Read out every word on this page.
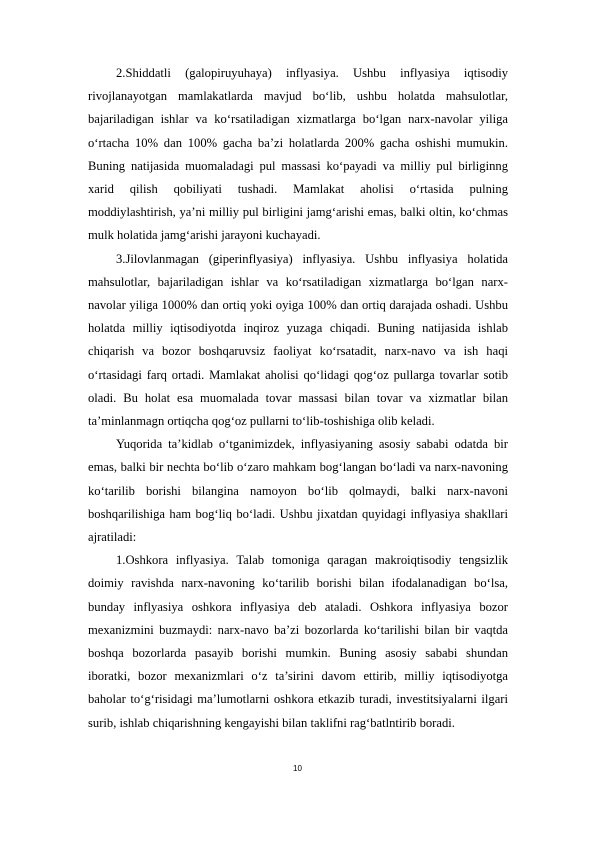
2.Shiddatli (galopiruyuhaya) inflyasiya. Ushbu inflyasiya iqtisodiy rivojlanayotgan mamlakatlarda mavjud bo‘lib, ushbu holatda mahsulotlar, bajariladigan ishlar va ko‘rsatiladigan xizmatlarga bo‘lgan narx-navolar yiliga o‘rtacha 10% dan 100% gacha ba’zi holatlarda 200% gacha oshishi mumukin. Buning natijasida muomaladagi pul massasi ko‘payadi va milliy pul birliginng xarid qilish qobiliyati tushadi. Mamlakat aholisi o‘rtasida pulning moddiylashtirish, ya’ni milliy pul birligini jamg‘arishi emas, balki oltin, ko‘chmas mulk holatida jamg‘arishi jarayoni kuchayadi.

3.Jilovlanmagan (giperinflyasiya) inflyasiya. Ushbu inflyasiya holatida mahsulotlar, bajariladigan ishlar va ko‘rsatiladigan xizmatlarga bo‘lgan narx-navolar yiliga 1000% dan ortiq yoki oyiga 100% dan ortiq darajada oshadi. Ushbu holatda milliy iqtisodiyotda inqiroz yuzaga chiqadi. Buning natijasida ishlab chiqarish va bozor boshqaruvsiz faoliyat ko‘rsatadit, narx-navo va ish haqi o‘rtasidagi farq ortadi. Mamlakat aholisi qo‘lidagi qog‘oz pullarga tovarlar sotib oladi. Bu holat esa muomalada tovar massasi bilan tovar va xizmatlar bilan ta’minlanmagn ortiqcha qog‘oz pullarni to‘lib-toshishiga olib keladi.

Yuqorida ta’kidlab o‘tganimizdek, inflyasiyaning asosiy sababi odatda bir emas, balki bir nechta bo‘lib o‘zaro mahkam bog‘langan bo‘ladi va narx-navoning ko‘tarilib borishi bilangina namoyon bo‘lib qolmaydi, balki narx-navoni boshqarilishiga ham bog‘liq bo‘ladi. Ushbu jixatdan quyidagi inflyasiya shakllari ajratiladi:

1.Oshkora inflyasiya. Talab tomoniga qaragan makroiqtisodiy tengsizlik doimiy ravishda narx-navoning ko‘tarilib borishi bilan ifodalanadigan bo‘lsa, bunday inflyasiya oshkora inflyasiya deb ataladi. Oshkora inflyasiya bozor mexanizmini buzmaydi: narx-navo ba’zi bozorlarda ko‘tarilishi bilan bir vaqtda boshqa bozorlarda pasayib borishi mumkin. Buning asosiy sababi shundan iboratki, bozor mexanizmlari o‘z ta’sirini davom ettirib, milliy iqtisodiyotga baholar to‘g‘risidagi ma’lumotlarni oshkora etkazib turadi, investitsiyalarni ilgari surib, ishlab chiqarishning kengayishi bilan taklifni rag‘batlntirib boradi.

10
